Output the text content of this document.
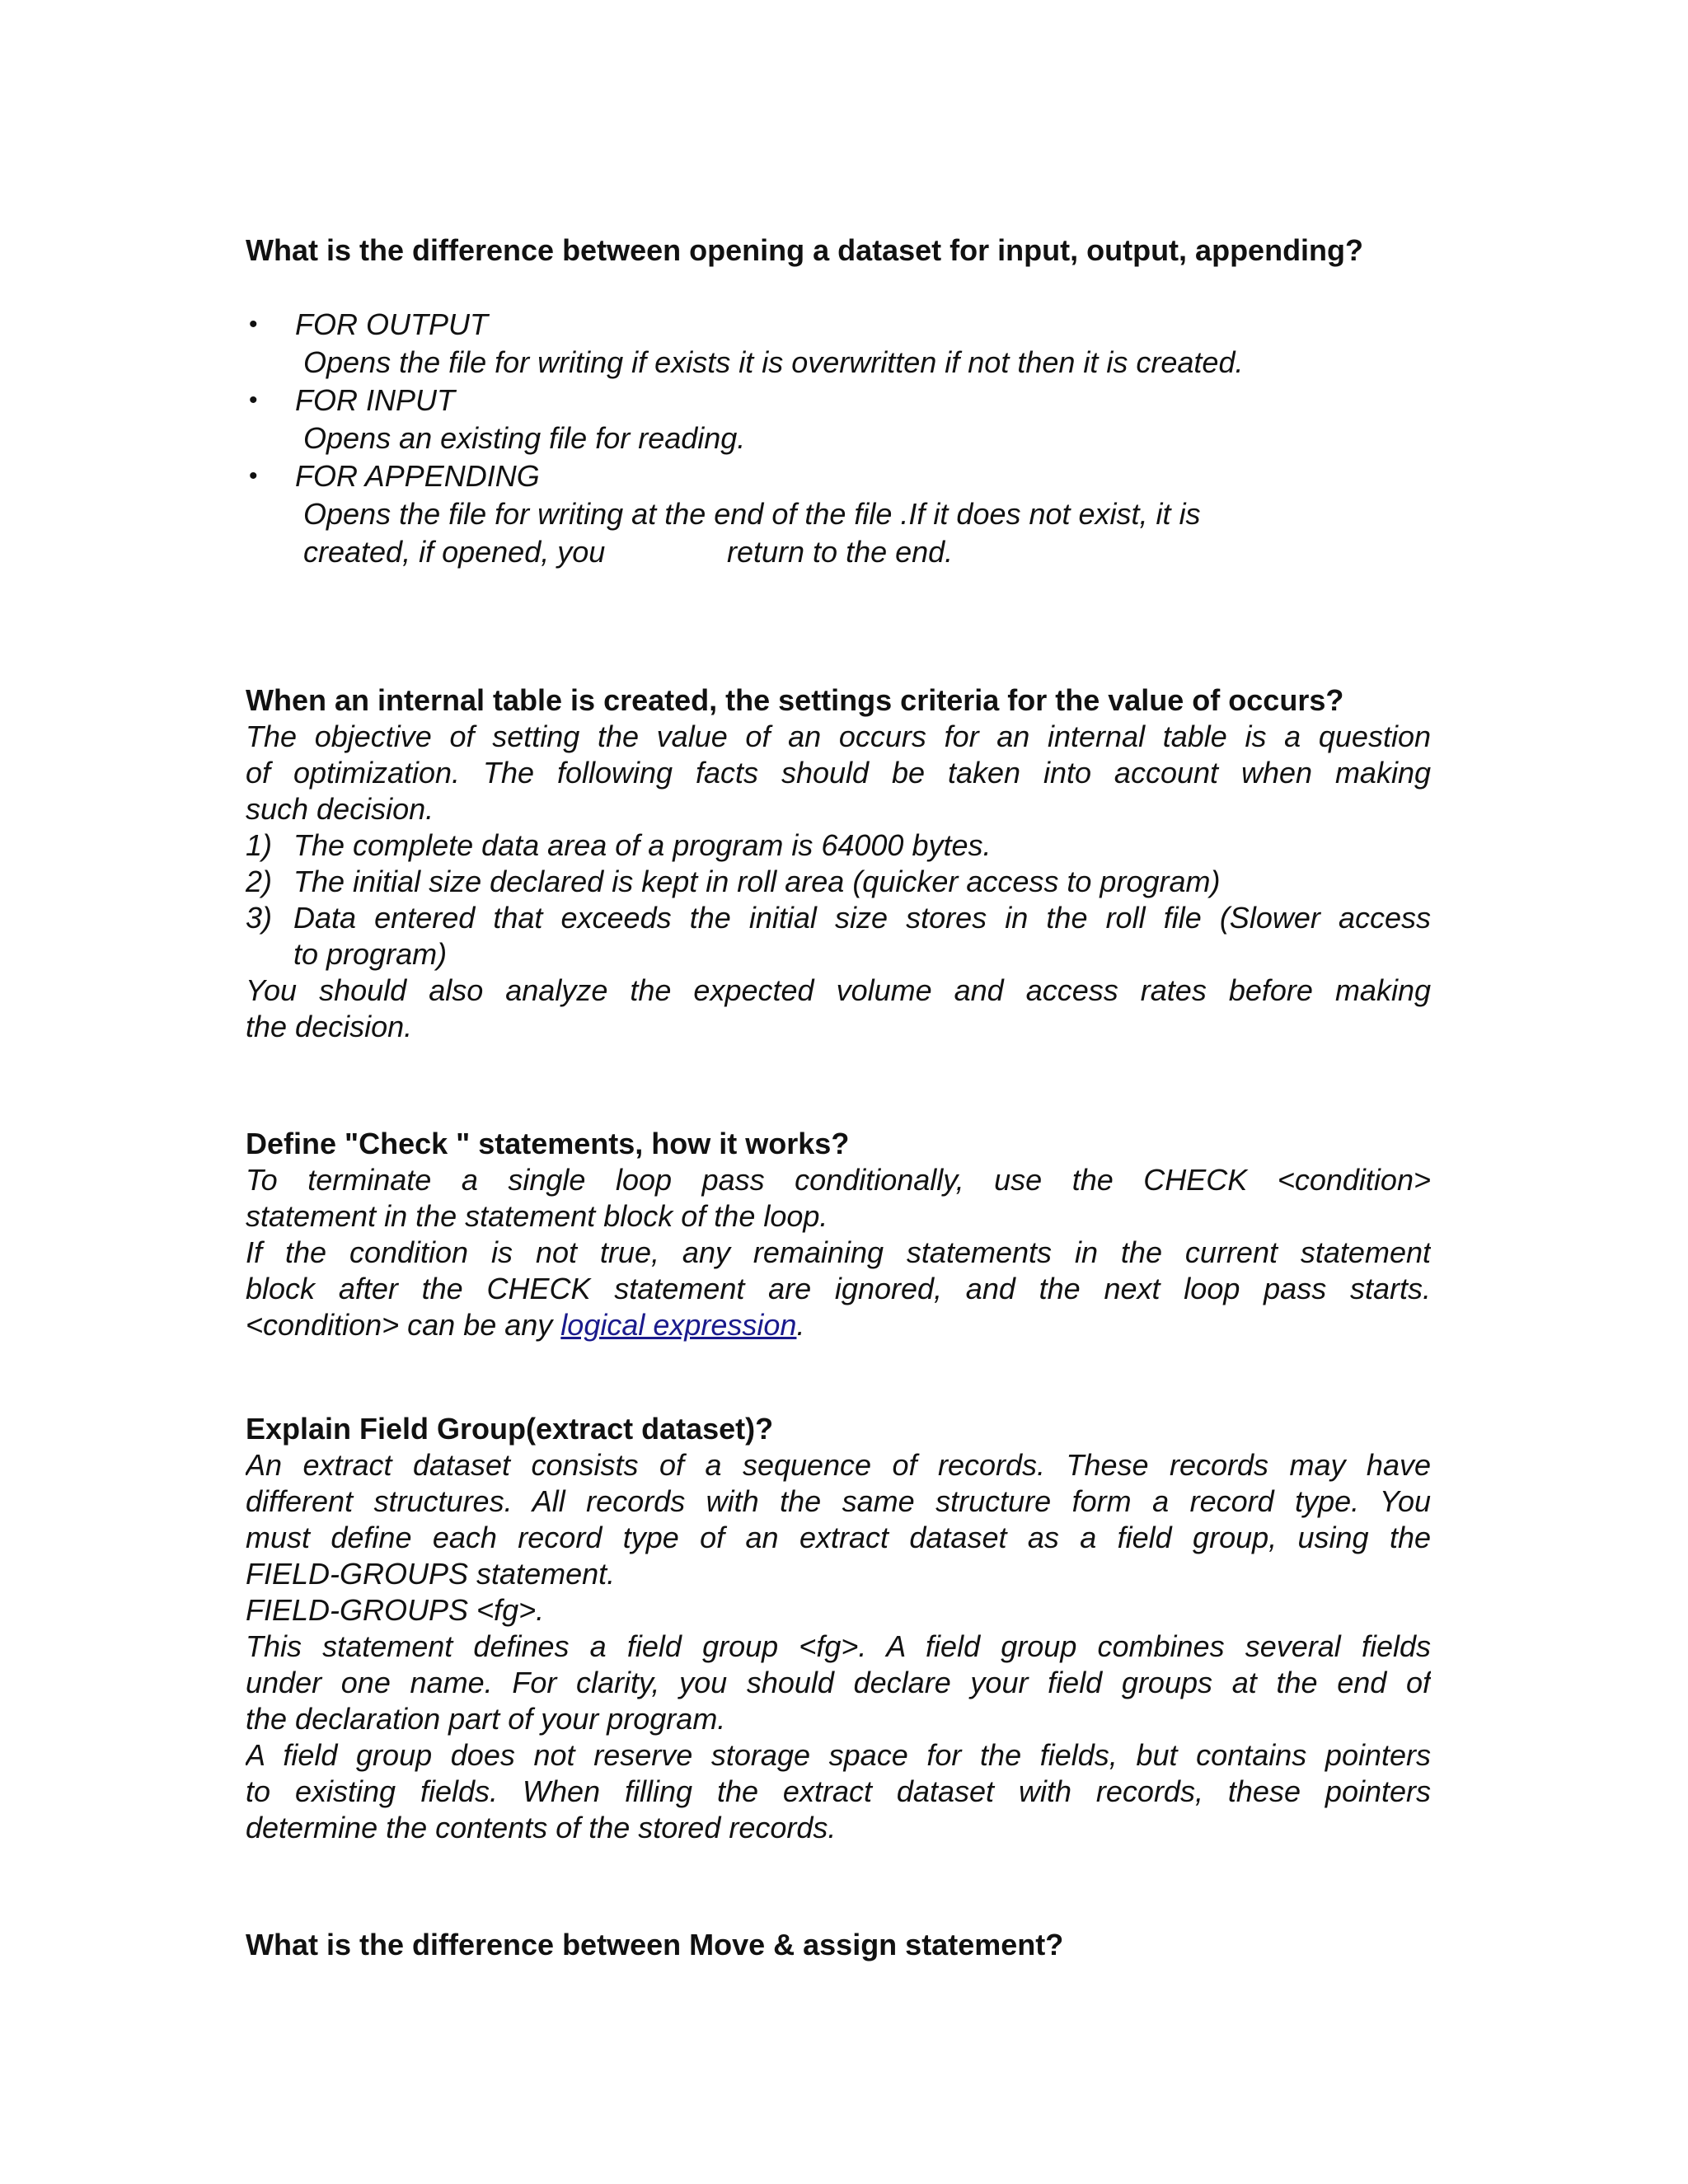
What is the difference between opening a dataset for input, output, appending?
• FOR OUTPUT
Opens the file for writing if exists it is overwritten if not then it is created.
• FOR INPUT
Opens an existing file for reading.
• FOR APPENDING
Opens the file for writing at the end of the file .If it does not exist, it is
created, if opened, you	return to the end.
When an internal table is created, the settings criteria for the value of occurs?
The objective of setting the value of an occurs for an internal table is a question
of optimization. The following facts should be taken into account when making
such decision.
1) The complete data area of a program is 64000 bytes.
2) The initial size declared is kept in roll area (quicker access to program)
3) Data entered that exceeds the initial size stores in the roll file (Slower access
to program)
You should also analyze the expected volume and access rates before making
the decision.
Define "Check " statements, how it works?
To terminate a single loop pass conditionally, use the CHECK <condition>
statement in the statement block of the loop.
If the condition is not true, any remaining statements in the current statement
block after the CHECK statement are ignored, and the next loop pass starts.
<condition> can be any logical expression.
Explain Field Group(extract dataset)?
An extract dataset consists of a sequence of records. These records may have
different structures. All records with the same structure form a record type. You
must define each record type of an extract dataset as a field group, using the
FIELD-GROUPS statement.
FIELD-GROUPS <fg>.
This statement defines a field group <fg>. A field group combines several fields
under one name. For clarity, you should declare your field groups at the end of
the declaration part of your program.
A field group does not reserve storage space for the fields, but contains pointers
to existing fields. When filling the extract dataset with records, these pointers
determine the contents of the stored records.
What is the difference between Move & assign statement?
